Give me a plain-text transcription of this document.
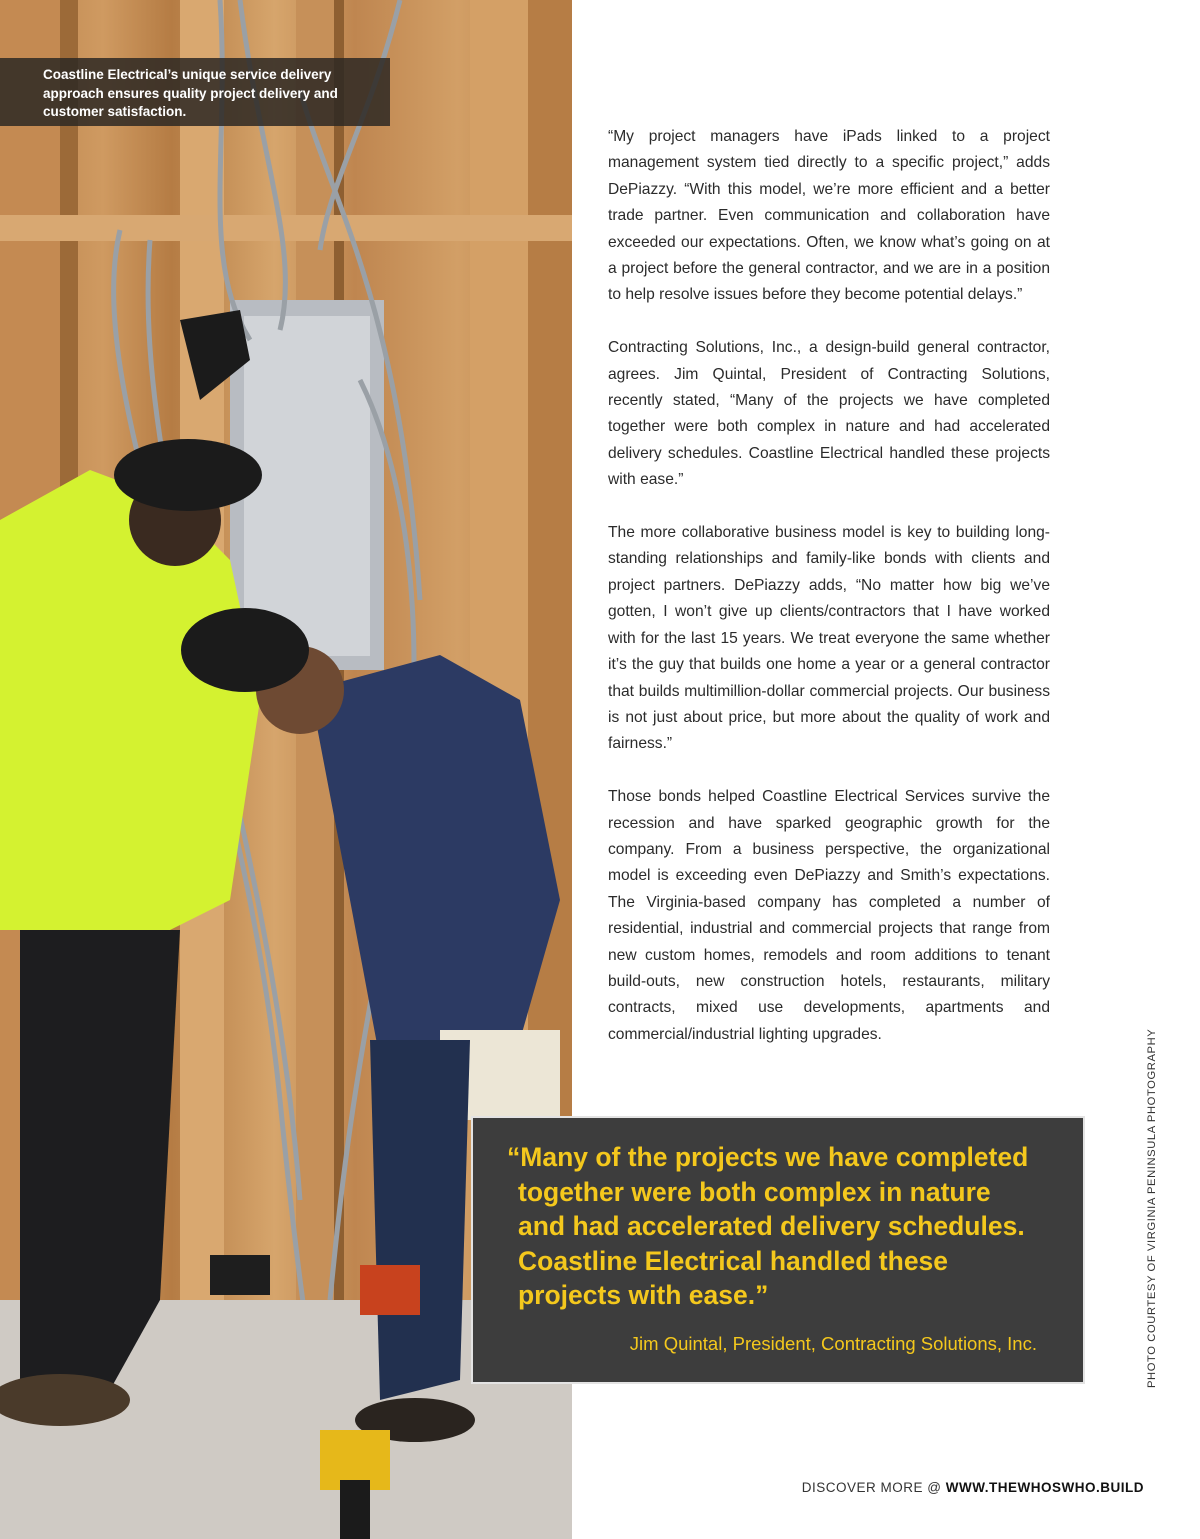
Coastline Electrical’s unique service delivery approach ensures quality project delivery and customer satisfaction.

“My project managers have iPads linked to a project management system tied directly to a specific project,” adds DePiazzy. “With this model, we’re more efficient and a better trade partner. Even communication and collaboration have exceeded our expectations. Often, we know what’s going on at a project before the general contractor, and we are in a position to help resolve issues before they become potential delays.”

Contracting Solutions, Inc., a design-build general contractor, agrees. Jim Quintal, President of Contracting Solutions, recently stated, “Many of the projects we have completed together were both complex in nature and had accelerated delivery schedules. Coastline Electrical handled these projects with ease.”

The more collaborative business model is key to building long-standing relationships and family-like bonds with clients and project partners. DePiazzy adds, “No matter how big we’ve gotten, I won’t give up clients/contractors that I have worked with for the last 15 years. We treat everyone the same whether it’s the guy that builds one home a year or a general contractor that builds multimillion-dollar commercial projects. Our business is not just about price, but more about the quality of work and fairness.”

Those bonds helped Coastline Electrical Services survive the recession and have sparked geographic growth for the company. From a business perspective, the organizational model is exceeding even DePiazzy and Smith’s expectations. The Virginia-based company has completed a number of residential, industrial and commercial projects that range from new custom homes, remodels and room additions to tenant build-outs, new construction hotels, restaurants, military contracts, mixed use developments, apartments and commercial/industrial lighting upgrades.

“Many of the projects we have completed together were both complex in nature and had accelerated delivery schedules. Coastline Electrical handled these projects with ease.”

Jim Quintal, President, Contracting Solutions, Inc.	PHOTO COURTESY OF VIRGINIA PENINSULA PHOTOGRAPHY
DISCOVER MORE @ WWW.THEWHOSWHO.BUILD
